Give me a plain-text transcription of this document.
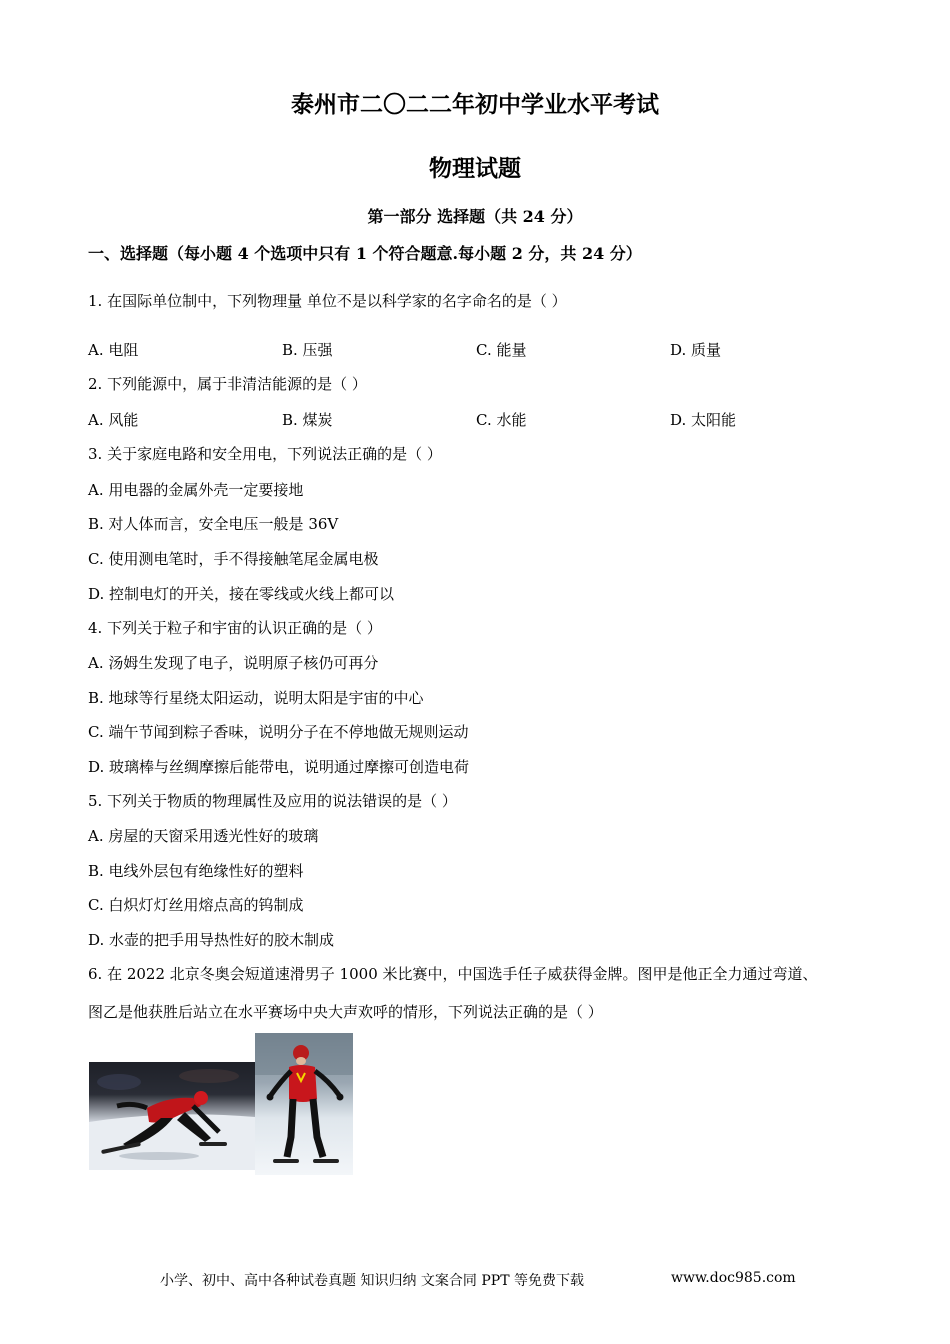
泰州市二〇二二年初中学业水平考试
物理试题
第一部分 选择题（共 24 分）
一、选择题（每小题 4 个选项中只有 1 个符合题意.每小题 2 分，共 24 分）
1. 在国际单位制中，下列物理量 单位不是以科学家的名字命名的是（ ）
A. 电阻	B. 压强	C. 能量	D. 质量
2. 下列能源中，属于非清洁能源的是（ ）
A. 风能	B. 煤炭	C. 水能	D. 太阳能
3. 关于家庭电路和安全用电，下列说法正确的是（ ）
A. 用电器的金属外壳一定要接地
B. 对人体而言，安全电压一般是 36V
C. 使用测电笔时，手不得接触笔尾金属电极
D. 控制电灯的开关，接在零线或火线上都可以
4. 下列关于粒子和宇宙的认识正确的是（ ）
A. 汤姆生发现了电子，说明原子核仍可再分
B. 地球等行星绕太阳运动，说明太阳是宇宙的中心
C. 端午节闻到粽子香味，说明分子在不停地做无规则运动
D. 玻璃棒与丝绸摩擦后能带电，说明通过摩擦可创造电荷
5. 下列关于物质的物理属性及应用的说法错误的是（ ）
A. 房屋的天窗采用透光性好的玻璃
B. 电线外层包有绝缘性好的塑料
C. 白炽灯灯丝用熔点高的钨制成
D. 水壶的把手用导热性好的胶木制成
6. 在 2022 北京冬奥会短道速滑男子 1000 米比赛中，中国选手任子威获得金牌。图甲是他正全力通过弯道、
图乙是他获胜后站立在水平赛场中央大声欢呼的情形，下列说法正确的是（ ）
小学、初中、高中各种试卷真题 知识归纳 文案合同 PPT 等免费下载	www.doc985.com
